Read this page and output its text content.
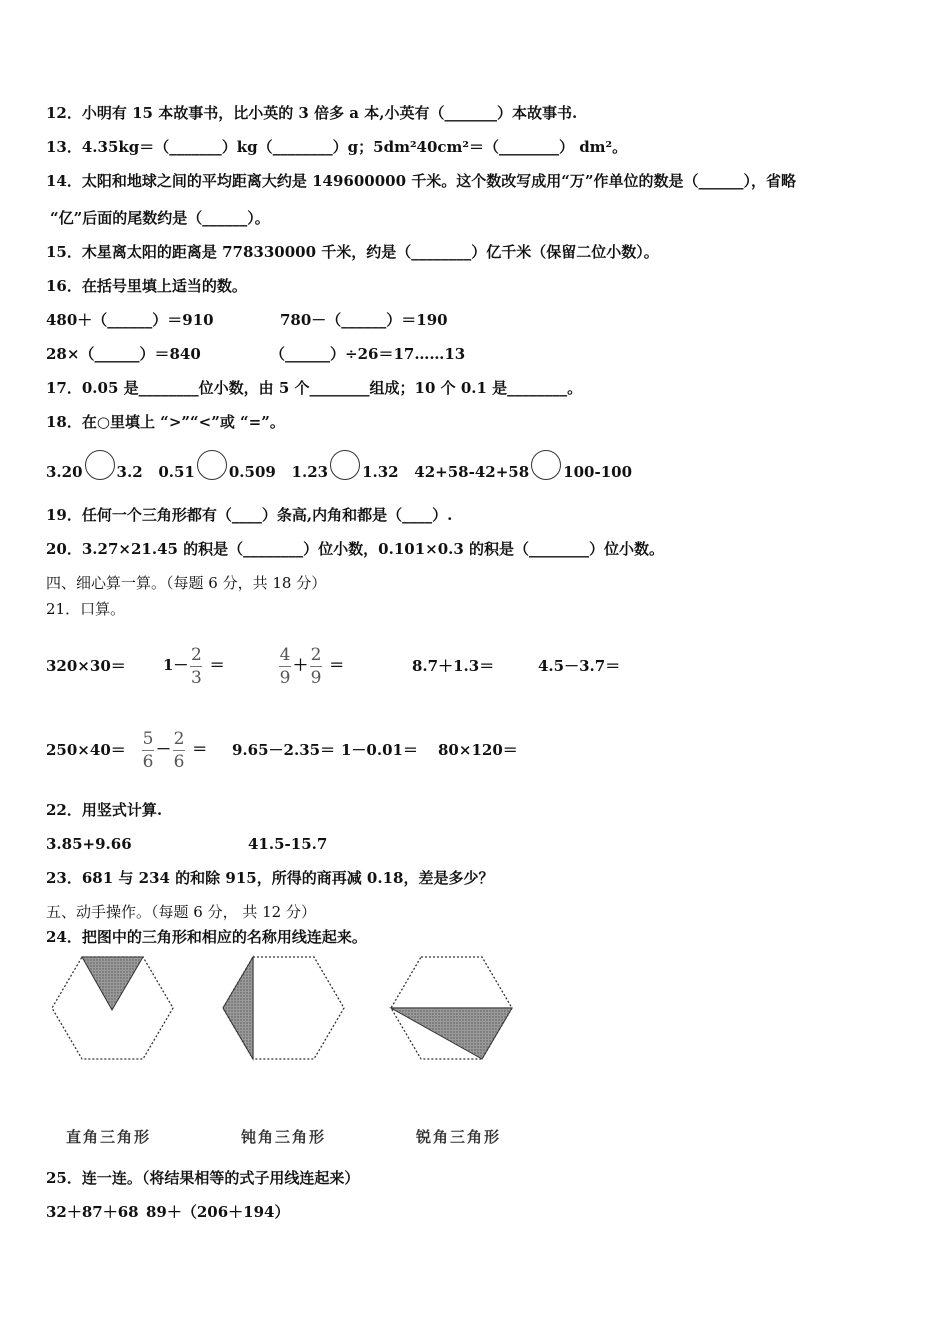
12．小明有 15 本故事书，比小英的 3 倍多 a 本,小英有（_______）本故事书.
13．4.35kg＝（_______）kg（________）g；5dm²40cm²＝（________） dm²。
14．太阳和地球之间的平均距离大约是 149600000 千米。这个数改写成用“万”作单位的数是（______），省略
“亿”后面的尾数约是（______）。
15．木星离太阳的距离是 778330000 千米，约是（________）亿千米（保留二位小数）。
16．在括号里填上适当的数。
480＋（______）＝910	780－（______）＝190
28×（______）＝840	（______）÷26＝17……13
17．0.05 是________位小数，由 5 个________组成；10 个 0.1 是________。
18．在○里填上 “>”“<”或 “=”。
3.20 3.2 0.51 0.509 1.23 1.32 42+58-42+58 100-100
19．任何一个三角形都有（____）条高,内角和都是（____）.
20．3.27×21.45 的积是（________）位小数，0.101×0.3 的积是（________）位小数。
四、细心算一算。（每题 6 分，共 18 分）
21．口算。
$320\times 30= 1- \frac{2}{3}$ ＝	$\frac{4}{9} + \frac{2}{9}$ ＝	8.7＋1.3＝	4.5－3.7＝
$250\times 40= \frac{5}{6} - \frac{2}{6} = 9.65-2.35= 1-0.01= 80\times 120=$
22．用竖式计算.
3.85+9.66	41.5-15.7
23．681 与 234 的和除 915，所得的商再减 0.18，差是多少？
五、动手操作。（每题 6 分， 共 12 分）
24．把图中的三角形和相应的名称用线连起来。
直角三角形	钝角三角形	锐角三角形
25．连一连。（将结果相等的式子用线连起来）
32＋87＋68 89＋（206＋194）
